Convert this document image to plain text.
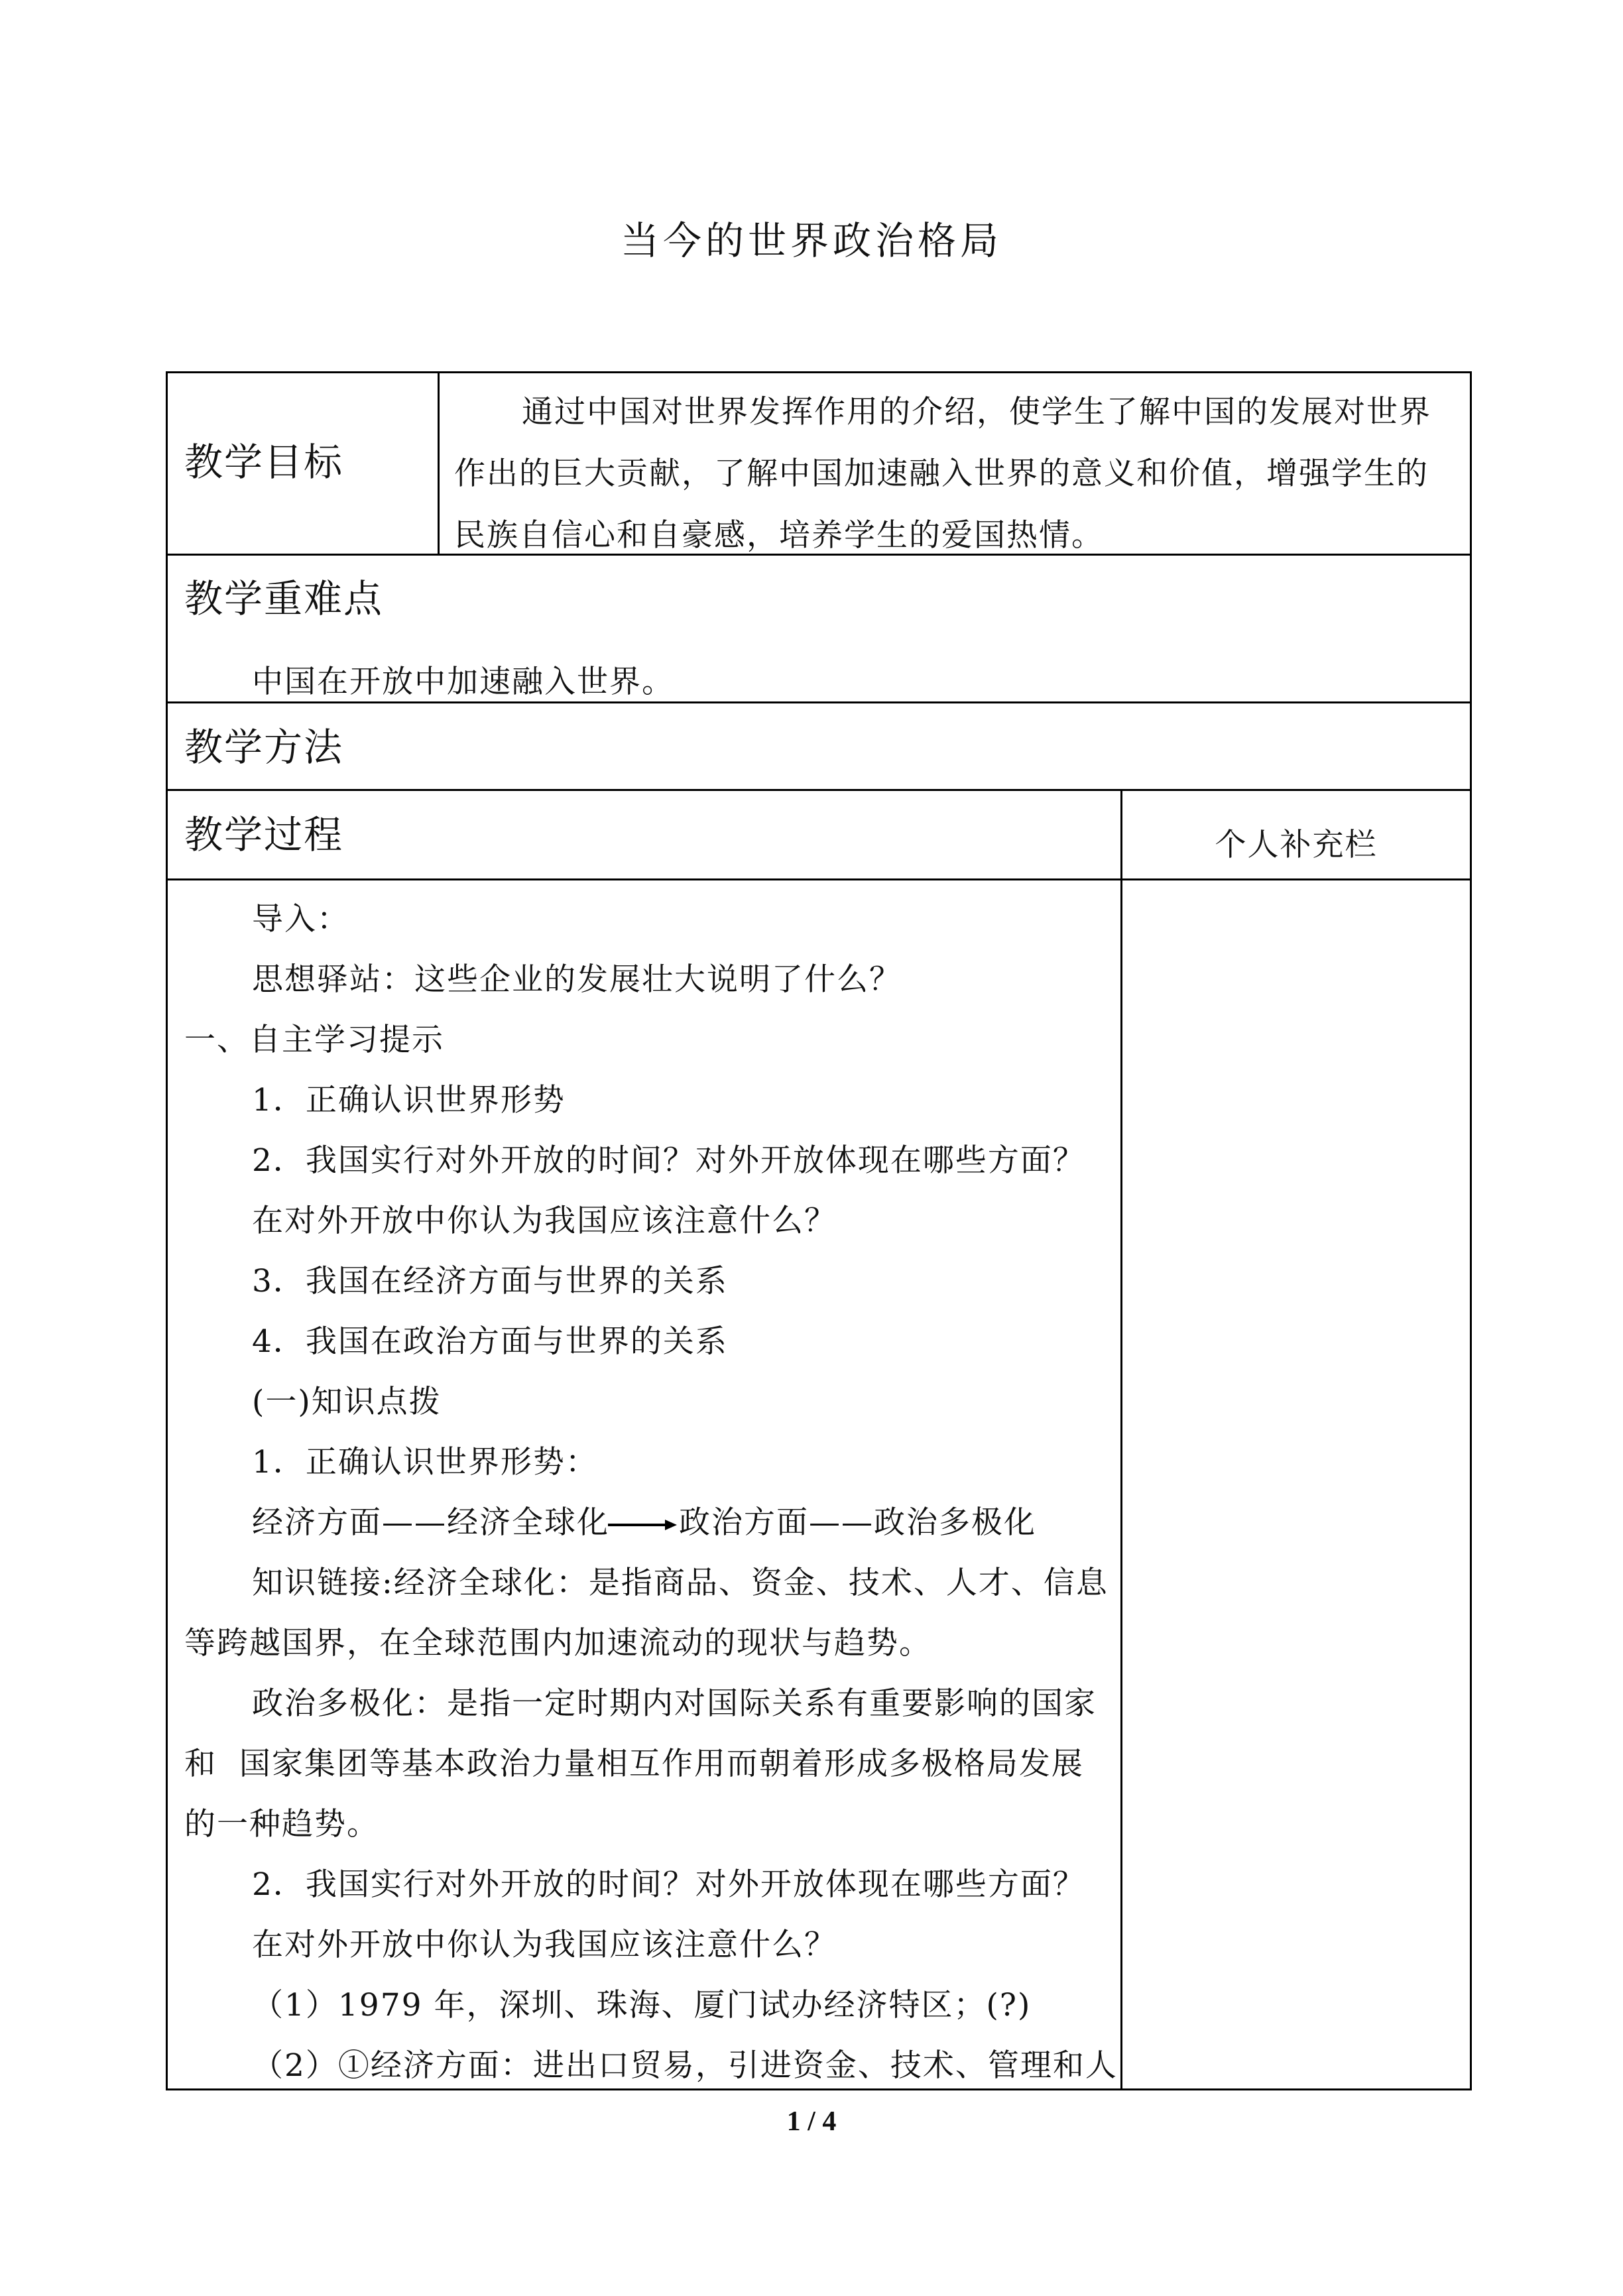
当今的世界政治格局
教学目标
通过中国对世界发挥作用的介绍，使学生了解中国的发展对世界作出的巨大贡献，了解中国加速融入世界的意义和价值，增强学生的民族自信心和自豪感，培养学生的爱国热情。
教学重难点
中国在开放中加速融入世界。
教学方法
教学过程	个人补充栏
导入：
思想驿站：这些企业的发展壮大说明了什么？
一、自主学习提示
1．正确认识世界形势
2．我国实行对外开放的时间？对外开放体现在哪些方面？
在对外开放中你认为我国应该注意什么？
3．我国在经济方面与世界的关系
4．我国在政治方面与世界的关系
(一)知识点拨
1．正确认识世界形势：
经济方面——经济全球化 政治方面——政治多极化
知识链接:经济全球化：是指商品、资金、技术、人才、信息
等跨越国界，在全球范围内加速流动的现状与趋势。
政治多极化：是指一定时期内对国际关系有重要影响的国家
和  国家集团等基本政治力量相互作用而朝着形成多极格局发展
的一种趋势。
2．我国实行对外开放的时间？对外开放体现在哪些方面？
在对外开放中你认为我国应该注意什么？
（1）1979 年，深圳、珠海、厦门试办经济特区；(?)
（2）①经济方面：进出口贸易，引进资金、技术、管理和人
1 / 4
